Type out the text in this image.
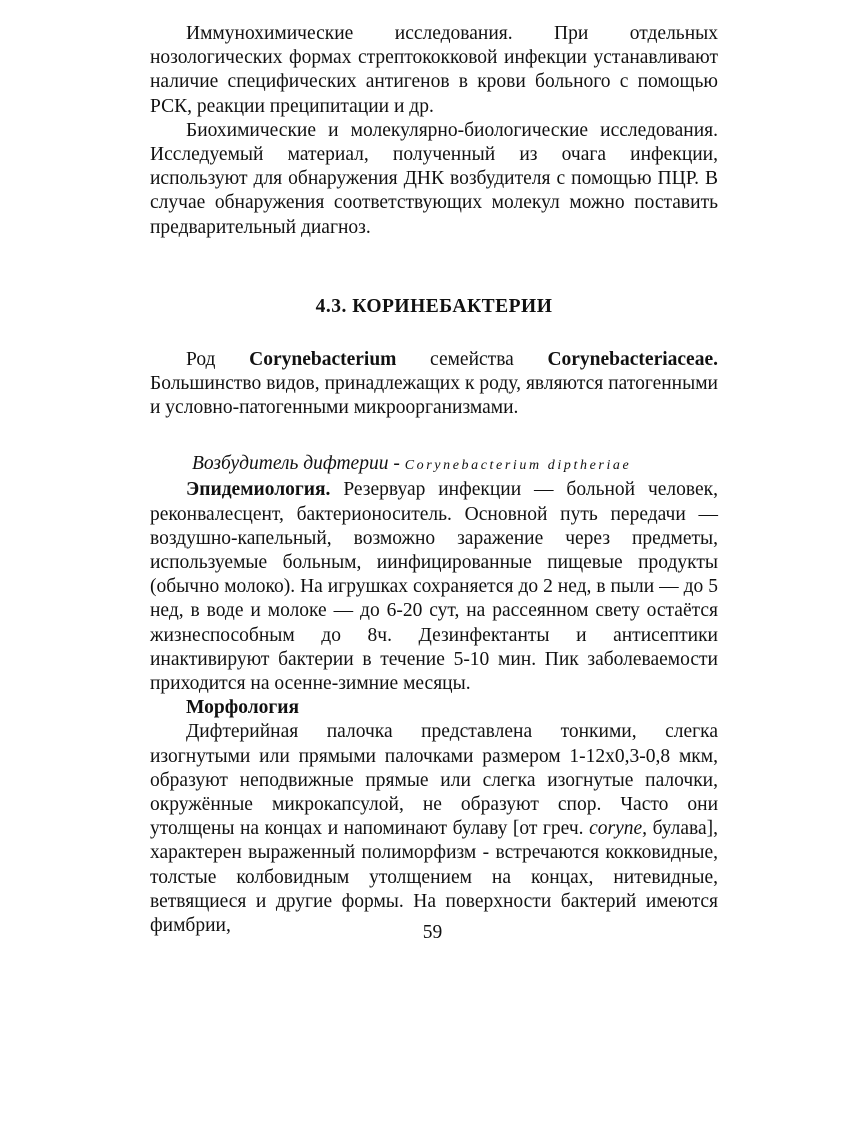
Иммунохимические исследования. При отдельных нозологических формах стрептококковой инфекции устанавливают наличие специфических антигенов в крови больного с помощью РСК, реакции преципитации и др.

Биохимические и молекулярно-биологические исследования. Исследуемый материал, полученный из очага инфекции, используют для обнаружения ДНК возбудителя с помощью ПЦР. В случае обнаружения соответствующих молекул можно поставить предварительный диагноз.

4.3. КОРИНЕБАКТЕРИИ

Род Corynebacterium семейства Corynebacteriaceae. Большинство видов, принадлежащих к роду, являются патогенными и условно-патогенными микроорганизмами.

Возбудитель дифтерии - Corynebacterium diptheriae

Эпидемиология. Резервуар инфекции — больной человек, реконвалесцент, бактерионоситель. Основной путь передачи — воздушно-капельный, возможно заражение через предметы, используемые больным, иинфицированные пищевые продукты (обычно молоко). На игрушках сохраняется до 2 нед, в пыли — до 5 нед, в воде и молоке — до 6-20 сут, на рассеянном свету остаётся жизнеспособным до 8ч. Дезинфектанты и антисептики инактивируют бактерии в течение 5-10 мин. Пик заболеваемости приходится на осенне-зимние месяцы.

Морфология

Дифтерийная палочка представлена тонкими, слегка изогнутыми или прямыми палочками размером 1-12х0,3-0,8 мкм, образуют неподвижные прямые или слегка изогнутые палочки, окружённые микрокапсулой, не образуют спор. Часто они утолщены на концах и напоминают булаву [от греч. coryne, булава], характерен выраженный полиморфизм - встречаются кокковидные, толстые колбовидным утолщением на концах, нитевидные, ветвящиеся и другие формы. На поверхности бактерий имеются фимбрии,	59
